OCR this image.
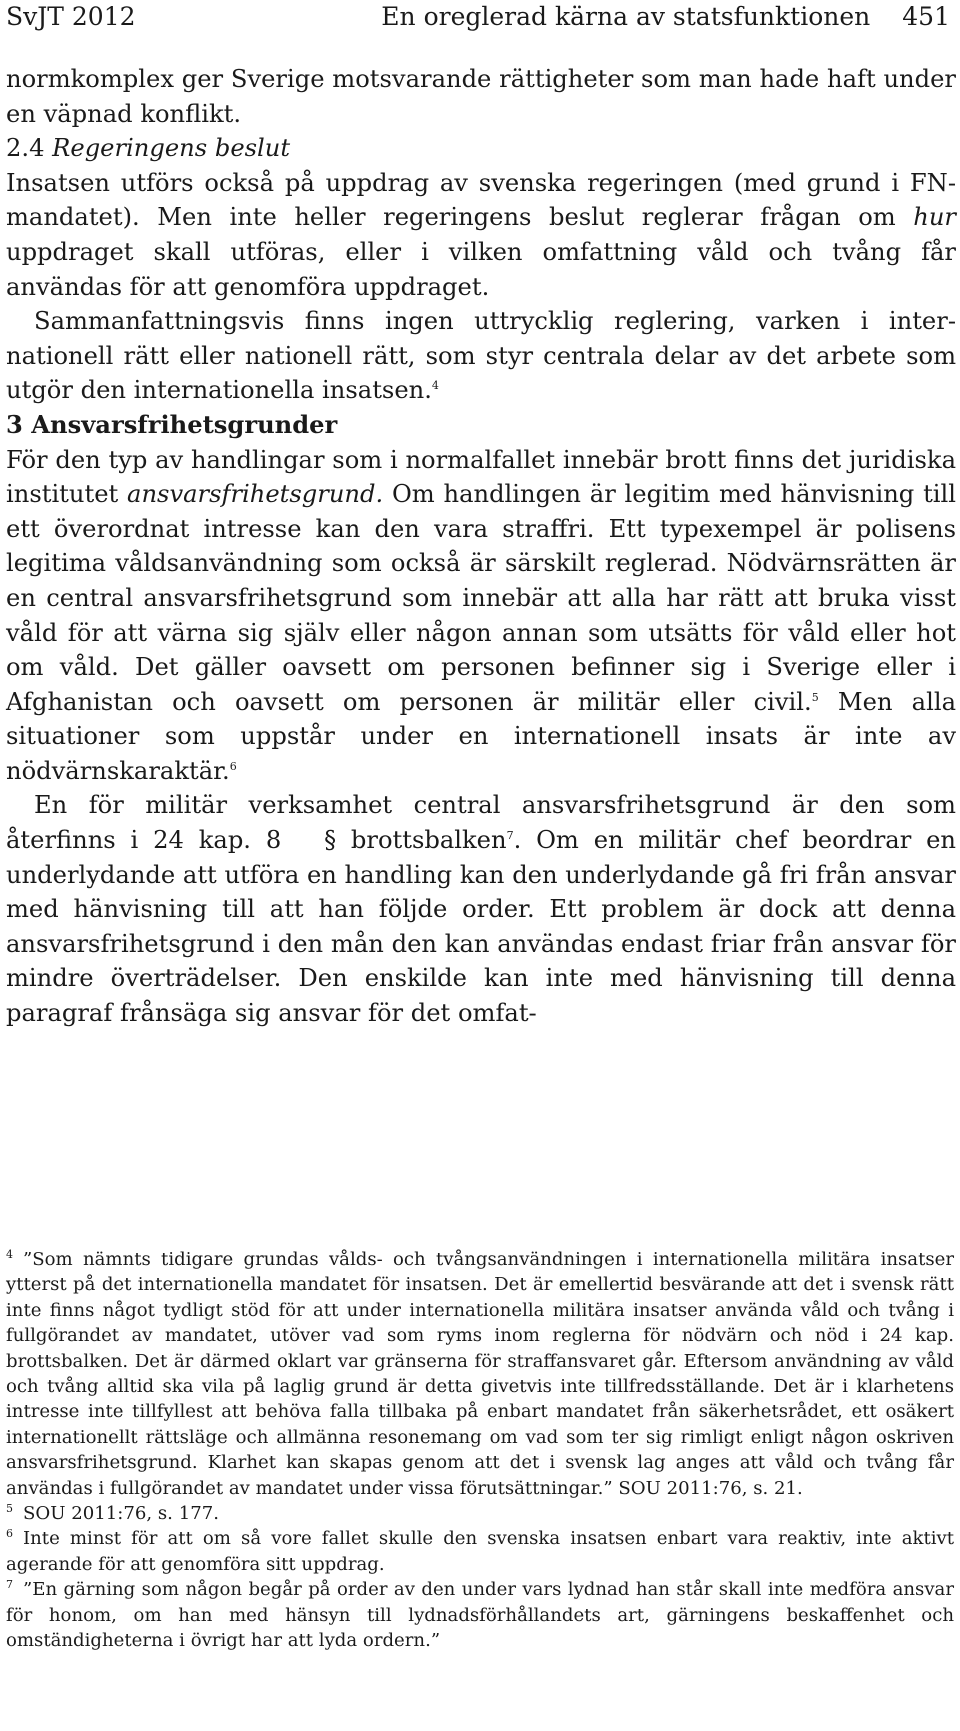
SvJT 2012	En oreglerad kärna av statsfunktionen 451

normkomplex ger Sverige motsvarande rättigheter som man hade haft under en väpnad konflikt.

2.4 Regeringens beslut

Insatsen utförs också på uppdrag av svenska regeringen (med grund i FN-mandatet). Men inte heller regeringens beslut reglerar frågan om hur uppdraget skall utföras, eller i vilken omfattning våld och tvång får användas för att genomföra uppdraget.

Sammanfattningsvis finns ingen uttrycklig reglering, varken i internationell rätt eller nationell rätt, som styr centrala delar av det arbete som utgör den internationella insatsen.$^4$

3 Ansvarsfrihetsgrunder

För den typ av handlingar som i normalfallet innebär brott finns det juridiska institutet ansvarsfrihetsgrund. Om handlingen är legitim med hänvisning till ett överordnat intresse kan den vara straffri. Ett typexempel är polisens legitima våldsanvändning som också är särskilt reglerad. Nödvärnsrätten är en central ansvarsfrihetsgrund som innebär att alla har rätt att bruka visst våld för att värna sig själv eller någon annan som utsätts för våld eller hot om våld. Det gäller oavsett om personen befinner sig i Sverige eller i Afghanistan och oavsett om personen är militär eller civil.$^5$ Men alla situationer som uppstår under en internationell insats är inte av nödvärnskaraktär.$^6$

En för militär verksamhet central ansvarsfrihetsgrund är den som återfinns i 24 kap. 8 § brottsbalken$^7$. Om en militär chef beordrar en underlydande att utföra en handling kan den underlydande gå fri från ansvar med hänvisning till att han följde order. Ett problem är dock att denna ansvarsfrihetsgrund i den mån den kan användas endast friar från ansvar för mindre överträdelser. Den enskilde kan inte med hänvisning till denna paragraf frånsäga sig ansvar för det omfat-

$^4$ ”Som nämnts tidigare grundas vålds- och tvångsanvändningen i internationella militära insatser ytterst på det internationella mandatet för insatsen. Det är emellertid besvärande att det i svensk rätt inte finns något tydligt stöd för att under internationella militära insatser använda våld och tvång i fullgörandet av mandatet, utöver vad som ryms inom reglerna för nödvärn och nöd i 24 kap. brottsbalken. Det är därmed oklart var gränserna för straffansvaret går. Eftersom användning av våld och tvång alltid ska vila på laglig grund är detta givetvis inte tillfredsställande. Det är i klarhetens intresse inte tillfyllest att behöva falla tillbaka på enbart mandatet från säkerhetsrådet, ett osäkert internationellt rättsläge och allmänna resonemang om vad som ter sig rimligt enligt någon oskriven ansvarsfrihetsgrund. Klarhet kan skapas genom att det i svensk lag anges att våld och tvång får användas i fullgörandet av mandatet under vissa förutsättningar.” SOU 2011:76, s. 21.

$^5$ SOU 2011:76, s. 177.

$^6$ Inte minst för att om så vore fallet skulle den svenska insatsen enbart vara reaktiv, inte aktivt agerande för att genomföra sitt uppdrag.

$^7$ ”En gärning som någon begår på order av den under vars lydnad han står skall inte medföra ansvar för honom, om han med hänsyn till lydnadsförhållandets art, gärningens beskaffenhet och omständigheterna i övrigt har att lyda ordern.”
